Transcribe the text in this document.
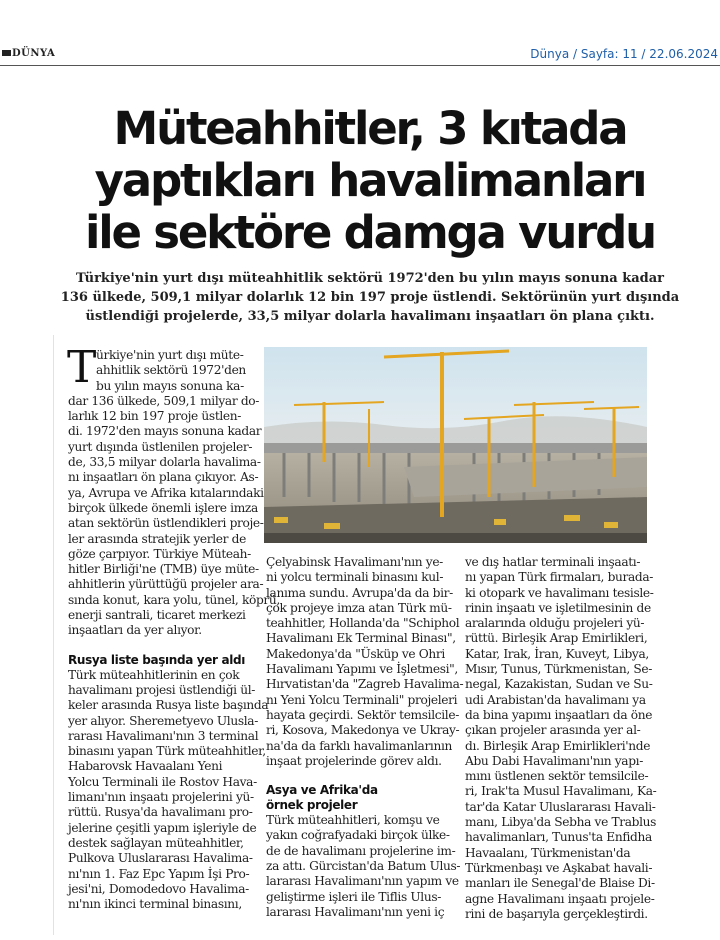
DÜNYA	Dünya / Sayfa: 11 / 22.06.2024
Müteahhitler, 3 kıtada
yaptıkları havalimanları
ile sektöre damga vurdu
Türkiye'nin yurt dışı müteahhitlik sektörü 1972'den bu yılın mayıs sonuna kadar
136 ülkede, 509,1 milyar dolarlık 12 bin 197 proje üstlendi. Sektörünün yurt dışında
üstlendiği projelerde, 33,5 milyar dolarla havalimanı inşaatları ön plana çıktı.
T ürkiye'nin yurt dışı müte-
ahhitlik sektörü 1972'den
bu yılın mayıs sonuna ka-
dar 136 ülkede, 509,1 milyar do-
larlık 12 bin 197 proje üstlen-
di. 1972'den mayıs sonuna kadar
yurt dışında üstlenilen projeler-
de, 33,5 milyar dolarla havalima-
nı inşaatları ön plana çıkıyor. As-
ya, Avrupa ve Afrika kıtalarındaki
birçok ülkede önemli işlere imza
atan sektörün üstlendikleri proje-
ler arasında stratejik yerler de
göze çarpıyor. Türkiye Müteah-
hitler Birliği'ne (TMB) üye müte-
ahhitlerin yürüttüğü projeler ara-
sında konut, kara yolu, tünel, köprü,
enerji santrali, ticaret merkezi
inşaatları da yer alıyor.
Rusya liste başında yer aldı
Türk müteahhitlerinin en çok
havalimanı projesi üstlendiği ül-
keler arasında Rusya liste başında
yer alıyor. Sheremetyevo Ulusla-
rarası Havalimanı'nın 3 terminal
binasını yapan Türk müteahhitler,
Habarovsk Havaalanı Yeni
Yolcu Terminali ile Rostov Hava-
limanı'nın inşaatı projelerini yü-
rüttü. Rusya'da havalimanı pro-
jelerine çeşitli yapım işleriyle de
destek sağlayan müteahhitler,
Pulkova Uluslararası Havalima-
nı'nın 1. Faz Epc Yapım İşi Pro-
jesi'ni, Domodedovo Havalima-
nı'nın ikinci terminal binasını,
Çelyabinsk Havalimanı'nın ye-
ni yolcu terminali binasını kul-
lanıma sundu. Avrupa'da da bir-
çok projeye imza atan Türk mü-
teahhitler, Hollanda'da "Schiphol
Havalimanı Ek Terminal Binası",
Makedonya'da "Üsküp ve Ohri
Havalimanı Yapımı ve İşletmesi",
Hırvatistan'da "Zagreb Havalima-
nı Yeni Yolcu Terminali" projeleri
hayata geçirdi. Sektör temsilcile-
ri, Kosova, Makedonya ve Ukray-
na'da da farklı havalimanlarının
inşaat projelerinde görev aldı.
Asya ve Afrika'da
örnek projeler
Türk müteahhitleri, komşu ve
yakın coğrafyadaki birçok ülke-
de de havalimanı projelerine im-
za attı. Gürcistan'da Batum Ulus-
lararası Havalimanı'nın yapım ve
geliştirme işleri ile Tiflis Ulus-
lararası Havalimanı'nın yeni iç
ve dış hatlar terminali inşaatı-
nı yapan Türk firmaları, burada-
ki otopark ve havalimanı tesisle-
rinin inşaatı ve işletilmesinin de
aralarında olduğu projeleri yü-
rüttü. Birleşik Arap Emirlikleri,
Katar, Irak, İran, Kuveyt, Libya,
Mısır, Tunus, Türkmenistan, Se-
negal, Kazakistan, Sudan ve Su-
udi Arabistan'da havalimanı ya
da bina yapımı inşaatları da öne
çıkan projeler arasında yer al-
dı. Birleşik Arap Emirlikleri'nde
Abu Dabi Havalimanı'nın yapı-
mını üstlenen sektör temsilcile-
ri, Irak'ta Musul Havalimanı, Ka-
tar'da Katar Uluslararası Havali-
manı, Libya'da Sebha ve Trablus
havalimanları, Tunus'ta Enfidha
Havaalanı, Türkmenistan'da
Türkmenbaşı ve Aşkabat havali-
manları ile Senegal'de Blaise Di-
agne Havalimanı inşaatı projele-
rini de başarıyla gerçekleştirdi.
